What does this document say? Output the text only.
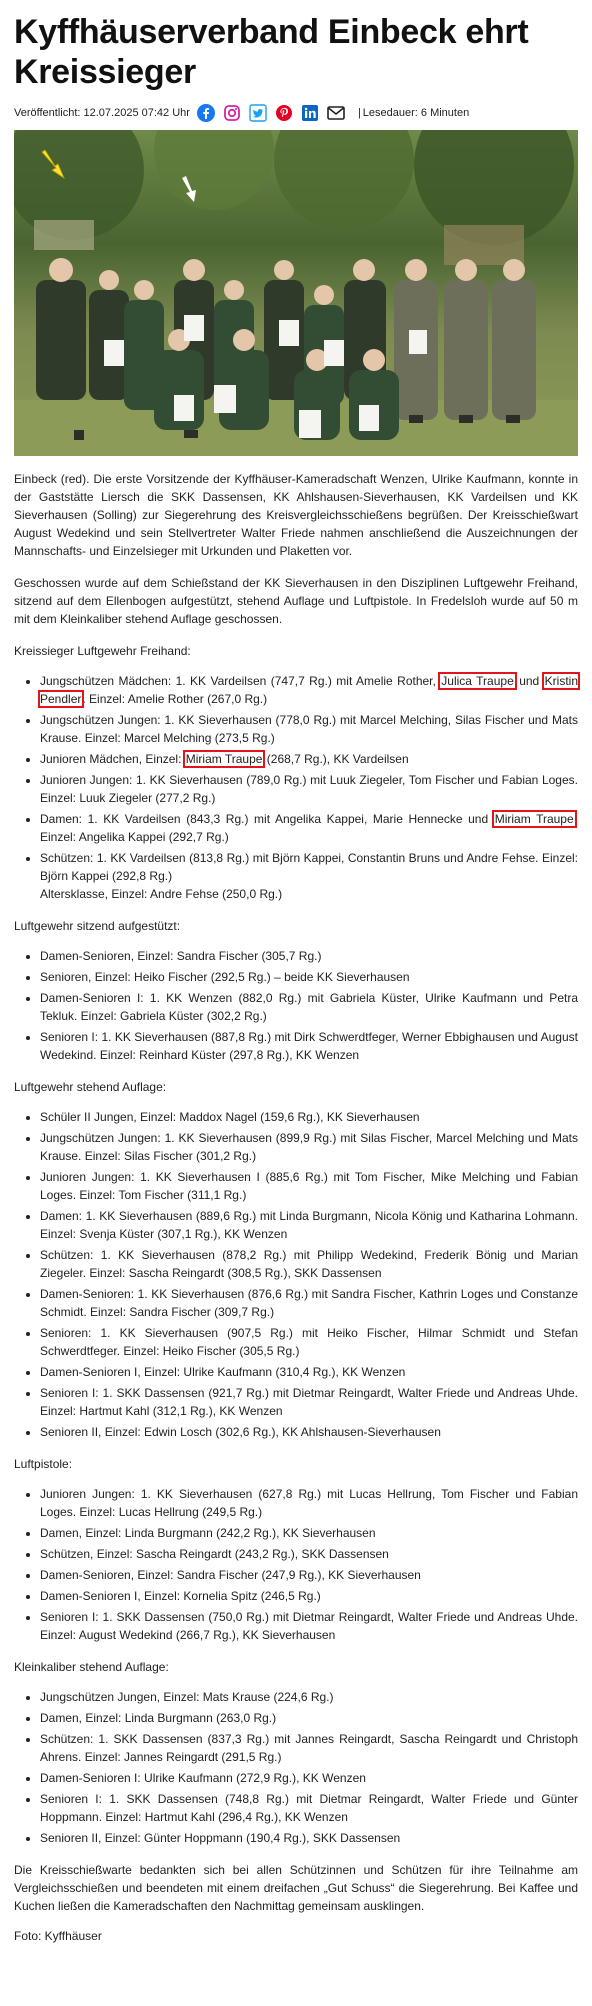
Kyffhäuserverband Einbeck ehrt Kreissieger
Veröffentlicht: 12.07.2025 07:42 Uhr	| Lesedauer: 6 Minuten

Einbeck (red). Die erste Vorsitzende der Kyffhäuser-Kameradschaft Wenzen, Ulrike Kaufmann, konnte in der Gaststätte Liersch die SKK Dassensen, KK Ahlshausen-Sieverhausen, KK Vardeilsen und KK Sieverhausen (Solling) zur Siegerehrung des Kreisvergleichsschießens begrüßen. Der Kreisschießwart August Wedekind und sein Stellvertreter Walter Friede nahmen anschließend die Auszeichnungen der Mannschafts- und Einzelsieger mit Urkunden und Plaketten vor.

Geschossen wurde auf dem Schießstand der KK Sieverhausen in den Disziplinen Luftgewehr Freihand, sitzend auf dem Ellenbogen aufgestützt, stehend Auflage und Luftpistole. In Fredelsloh wurde auf 50 m mit dem Kleinkaliber stehend Auflage geschossen.

Kreissieger Luftgewehr Freihand:
• Jungschützen Mädchen: 1. KK Vardeilsen (747,7 Rg.) mit Amelie Rother, Julica Traupe und Kristin Pendler. Einzel: Amelie Rother (267,0 Rg.)
• Jungschützen Jungen: 1. KK Sieverhausen (778,0 Rg.) mit Marcel Melching, Silas Fischer und Mats Krause. Einzel: Marcel Melching (273,5 Rg.)
• Junioren Mädchen, Einzel: Miriam Traupe (268,7 Rg.), KK Vardeilsen
• Junioren Jungen: 1. KK Sieverhausen (789,0 Rg.) mit Luuk Ziegeler, Tom Fischer und Fabian Loges. Einzel: Luuk Ziegeler (277,2 Rg.)
• Damen: 1. KK Vardeilsen (843,3 Rg.) mit Angelika Kappei, Marie Hennecke und Miriam Traupe. Einzel: Angelika Kappei (292,7 Rg.)
• Schützen: 1. KK Vardeilsen (813,8 Rg.) mit Björn Kappei, Constantin Bruns und Andre Fehse. Einzel: Björn Kappei (292,8 Rg.)
Altersklasse, Einzel: Andre Fehse (250,0 Rg.)
Luftgewehr sitzend aufgestützt:
• Damen-Senioren, Einzel: Sandra Fischer (305,7 Rg.)
• Senioren, Einzel: Heiko Fischer (292,5 Rg.) – beide KK Sieverhausen
• Damen-Senioren I: 1. KK Wenzen (882,0 Rg.) mit Gabriela Küster, Ulrike Kaufmann und Petra Tekluk. Einzel: Gabriela Küster (302,2 Rg.)
• Senioren I: 1. KK Sieverhausen (887,8 Rg.) mit Dirk Schwerdtfeger, Werner Ebbighausen und August Wedekind. Einzel: Reinhard Küster (297,8 Rg.), KK Wenzen
Luftgewehr stehend Auflage:
• Schüler II Jungen, Einzel: Maddox Nagel (159,6 Rg.), KK Sieverhausen
• Jungschützen Jungen: 1. KK Sieverhausen (899,9 Rg.) mit Silas Fischer, Marcel Melching und Mats Krause. Einzel: Silas Fischer (301,2 Rg.)
• Junioren Jungen: 1. KK Sieverhausen I (885,6 Rg.) mit Tom Fischer, Mike Melching und Fabian Loges. Einzel: Tom Fischer (311,1 Rg.)
• Damen: 1. KK Sieverhausen (889,6 Rg.) mit Linda Burgmann, Nicola König und Katharina Lohmann. Einzel: Svenja Küster (307,1 Rg.), KK Wenzen
• Schützen: 1. KK Sieverhausen (878,2 Rg.) mit Philipp Wedekind, Frederik Bönig und Marian Ziegeler. Einzel: Sascha Reingardt (308,5 Rg.), SKK Dassensen
• Damen-Senioren: 1. KK Sieverhausen (876,6 Rg.) mit Sandra Fischer, Kathrin Loges und Constanze Schmidt. Einzel: Sandra Fischer (309,7 Rg.)
• Senioren: 1. KK Sieverhausen (907,5 Rg.) mit Heiko Fischer, Hilmar Schmidt und Stefan Schwerdtfeger. Einzel: Heiko Fischer (305,5 Rg.)
• Damen-Senioren I, Einzel: Ulrike Kaufmann (310,4 Rg.), KK Wenzen
• Senioren I: 1. SKK Dassensen (921,7 Rg.) mit Dietmar Reingardt, Walter Friede und Andreas Uhde. Einzel: Hartmut Kahl (312,1 Rg.), KK Wenzen
• Senioren II, Einzel: Edwin Losch (302,6 Rg.), KK Ahlshausen-Sieverhausen
Luftpistole:
• Junioren Jungen: 1. KK Sieverhausen (627,8 Rg.) mit Lucas Hellrung, Tom Fischer und Fabian Loges. Einzel: Lucas Hellrung (249,5 Rg.)
• Damen, Einzel: Linda Burgmann (242,2 Rg.), KK Sieverhausen
• Schützen, Einzel: Sascha Reingardt (243,2 Rg.), SKK Dassensen
• Damen-Senioren, Einzel: Sandra Fischer (247,9 Rg.), KK Sieverhausen
• Damen-Senioren I, Einzel: Kornelia Spitz (246,5 Rg.)
• Senioren I: 1. SKK Dassensen (750,0 Rg.) mit Dietmar Reingardt, Walter Friede und Andreas Uhde. Einzel: August Wedekind (266,7 Rg.), KK Sieverhausen
Kleinkaliber stehend Auflage:
• Jungschützen Jungen, Einzel: Mats Krause (224,6 Rg.)
• Damen, Einzel: Linda Burgmann (263,0 Rg.)
• Schützen: 1. SKK Dassensen (837,3 Rg.) mit Jannes Reingardt, Sascha Reingardt und Christoph Ahrens. Einzel: Jannes Reingardt (291,5 Rg.)
• Damen-Senioren I: Ulrike Kaufmann (272,9 Rg.), KK Wenzen
• Senioren I: 1. SKK Dassensen (748,8 Rg.) mit Dietmar Reingardt, Walter Friede und Günter Hoppmann. Einzel: Hartmut Kahl (296,4 Rg.), KK Wenzen
• Senioren II, Einzel: Günter Hoppmann (190,4 Rg.), SKK Dassensen

Die Kreisschießwarte bedankten sich bei allen Schützinnen und Schützen für ihre Teilnahme am Vergleichsschießen und beendeten mit einem dreifachen „Gut Schuss“ die Siegerehrung. Bei Kaffee und Kuchen ließen die Kameradschaften den Nachmittag gemeinsam ausklingen.

Foto: Kyffhäuser
